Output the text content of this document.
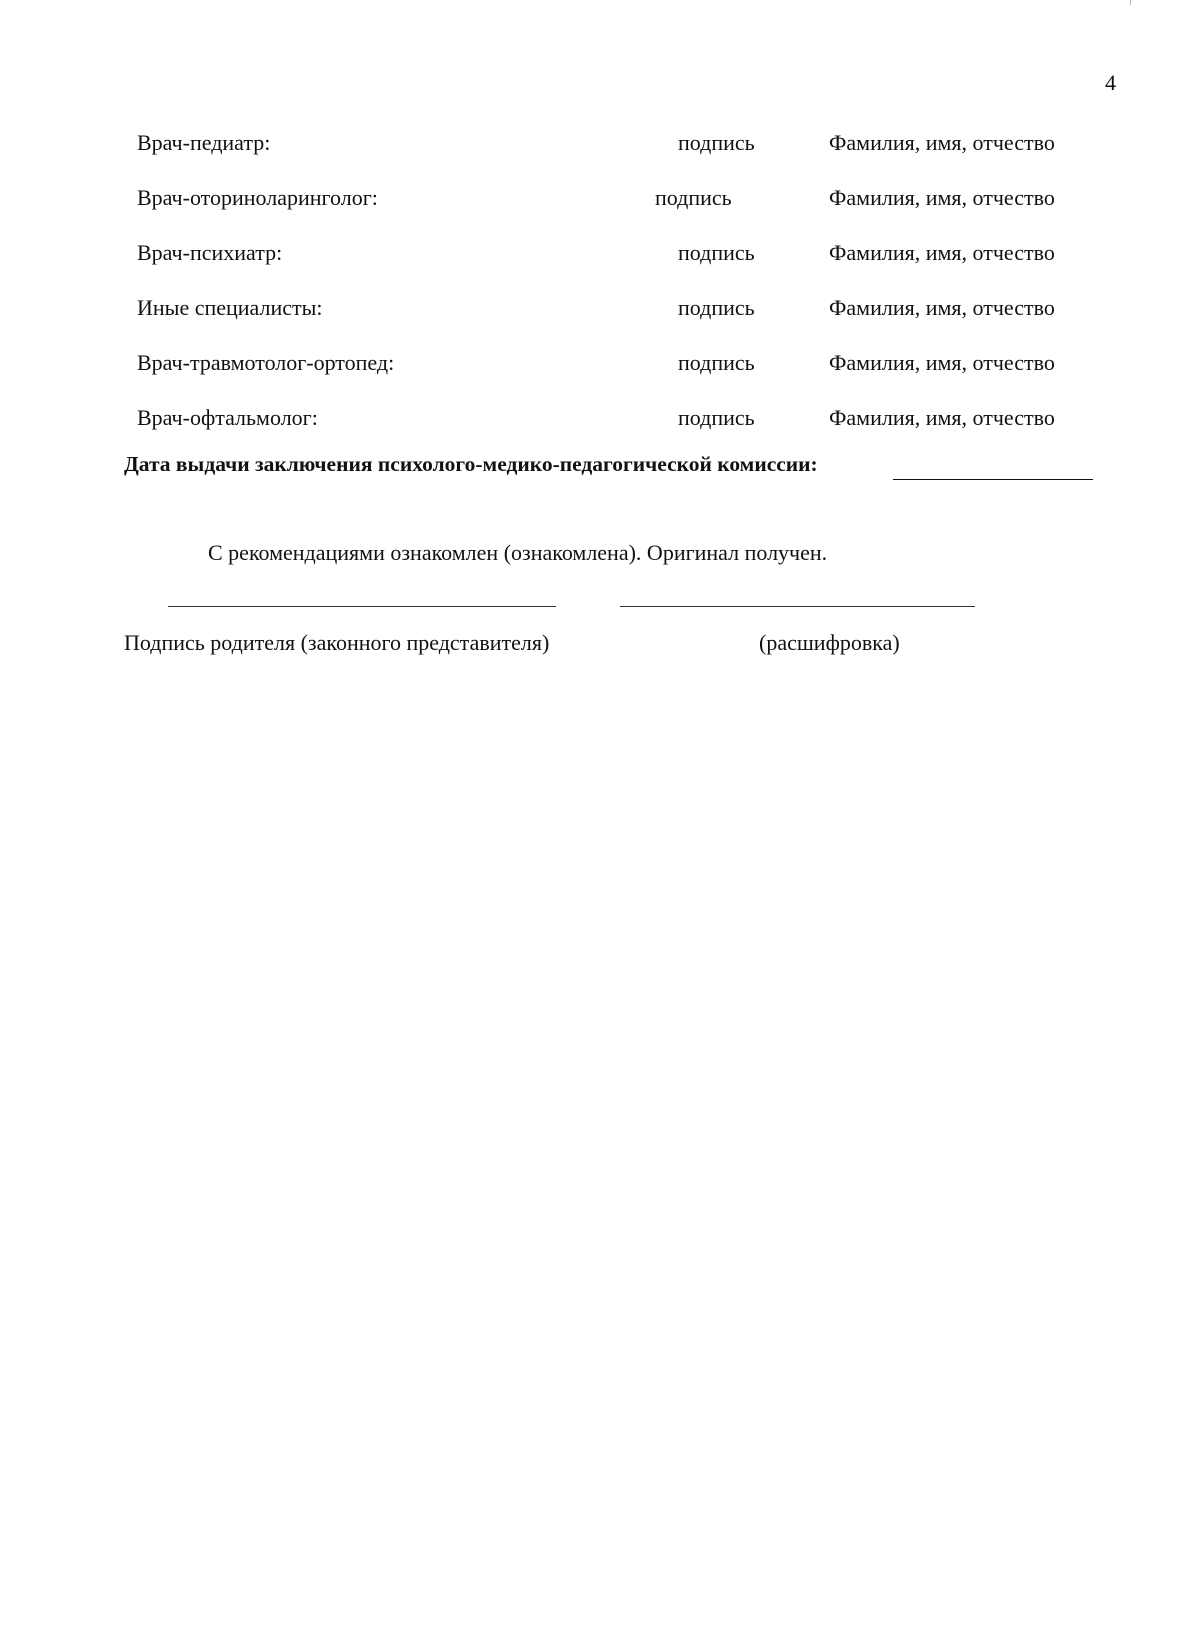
4
Врач-педиатр:	подпись	Фамилия, имя, отчество
Врач-оториноларинголог:	подпись	Фамилия, имя, отчество
Врач-психиатр:	подпись	Фамилия, имя, отчество
Иные специалисты:	подпись	Фамилия, имя, отчество
Врач-травмотолог-ортопед:	подпись	Фамилия, имя, отчество
Врач-офтальмолог:	подпись	Фамилия, имя, отчество
Дата выдачи заключения психолого-медико-педагогической комиссии:
С рекомендациями ознакомлен (ознакомлена). Оригинал получен.
Подпись родителя (законного представителя)	(расшифровка)
